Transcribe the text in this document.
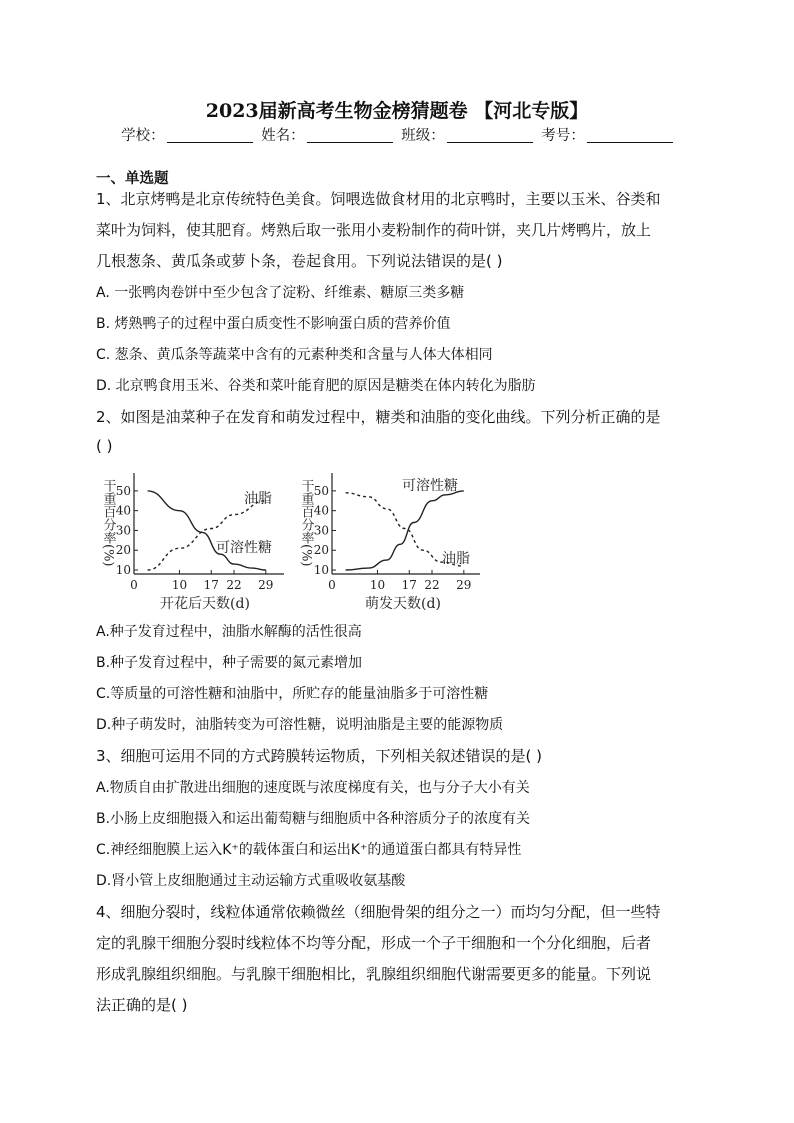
2023届新高考生物金榜猜题卷 【河北专版】
学校：	姓名：	班级：	考号：
一、单选题
1、北京烤鸭是北京传统特色美食。饲喂选做食材用的北京鸭时，主要以玉米、谷类和
菜叶为饲料，使其肥育。烤熟后取一张用小麦粉制作的荷叶饼，夹几片烤鸭片，放上
几根葱条、黄瓜条或萝卜条，卷起食用。下列说法错误的是( )
A. 一张鸭肉卷饼中至少包含了淀粉、纤维素、糖原三类多糖
B. 烤熟鸭子的过程中蛋白质变性不影响蛋白质的营养价值
C. 葱条、黄瓜条等蔬菜中含有的元素种类和含量与人体大体相同
D. 北京鸭食用玉米、谷类和菜叶能育肥的原因是糖类在体内转化为脂肪
2、如图是油菜种子在发育和萌发过程中，糖类和油脂的变化曲线。下列分析正确的是
( )
10
20
30
40
50
0	10 17 22 29
干重百分率(%)
开花后天数(d)
10
20
30
40
50
0	10 17 22 29
干重百分率(%)
萌发天数(d)
油脂
可溶性糖
可溶性糖
油脂
A.种子发育过程中，油脂水解酶的活性很高
B.种子发育过程中，种子需要的氮元素增加
C.等质量的可溶性糖和油脂中，所贮存的能量油脂多于可溶性糖
D.种子萌发时，油脂转变为可溶性糖，说明油脂是主要的能源物质
3、细胞可运用不同的方式跨膜转运物质，下列相关叙述错误的是( )
A.物质自由扩散进出细胞的速度既与浓度梯度有关，也与分子大小有关
B.小肠上皮细胞摄入和运出葡萄糖与细胞质中各种溶质分子的浓度有关
C.神经细胞膜上运入K⁺的载体蛋白和运出K⁺的通道蛋白都具有特异性
D.肾小管上皮细胞通过主动运输方式重吸收氨基酸
4、细胞分裂时，线粒体通常依赖微丝（细胞骨架的组分之一）而均匀分配，但一些特
定的乳腺干细胞分裂时线粒体不均等分配，形成一个子干细胞和一个分化细胞，后者
形成乳腺组织细胞。与乳腺干细胞相比，乳腺组织细胞代谢需要更多的能量。下列说
法正确的是( )
